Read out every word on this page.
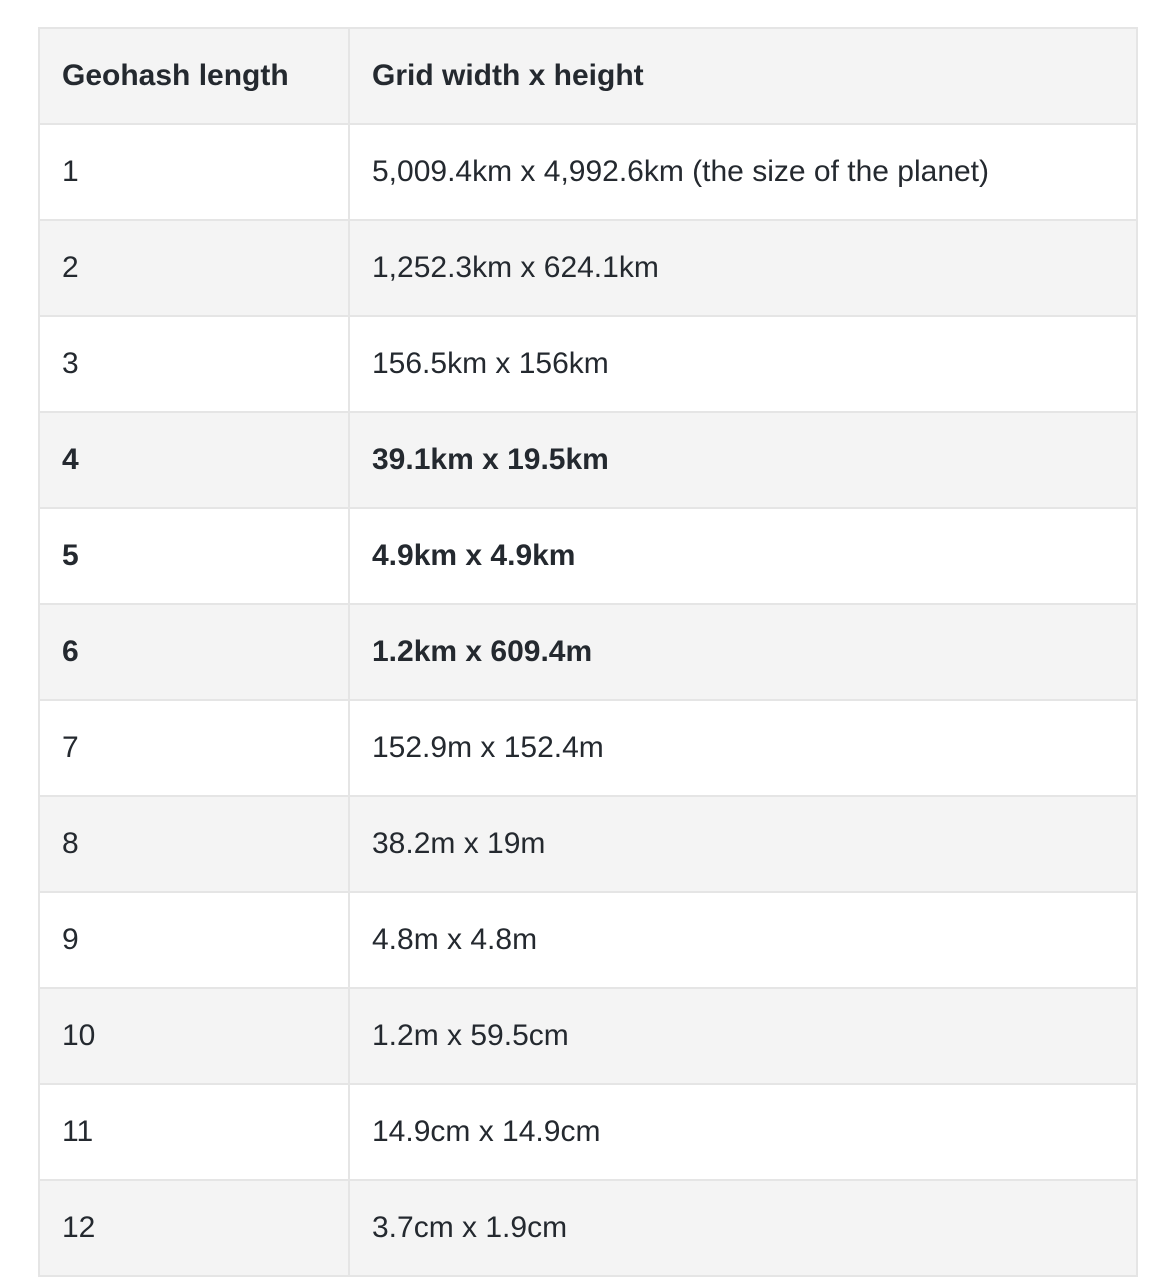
Geohash length	Grid width x height
1	5,009.4km x 4,992.6km (the size of the planet)
2	1,252.3km x 624.1km
3	156.5km x 156km
4	39.1km x 19.5km
5	4.9km x 4.9km
6	1.2km x 609.4m
7	152.9m x 152.4m
8	38.2m x 19m
9	4.8m x 4.8m
10	1.2m x 59.5cm
11	14.9cm x 14.9cm
12	3.7cm x 1.9cm
